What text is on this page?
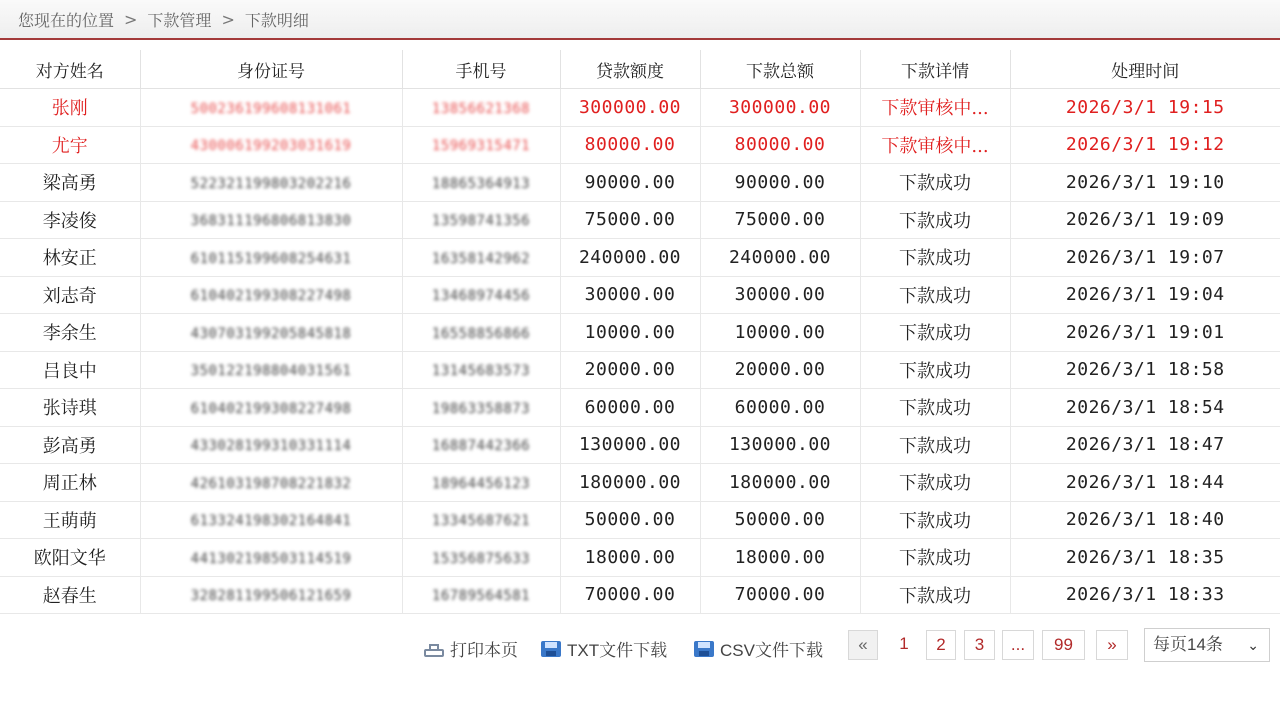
您现在的位置 > 下款管理 > 下款明细
对方姓名	身份证号	手机号	贷款额度	下款总额	下款详情	处理时间
张刚	500236199608131061	13856621368	300000.00	300000.00	下款审核中...	2026/3/1 19:15
尤宇	430006199203031619	15969315471	80000.00	80000.00	下款审核中...	2026/3/1 19:12
梁高勇	522321199803202216	18865364913	90000.00	90000.00	下款成功	2026/3/1 19:10
李凌俊	368311196806813830	13598741356	75000.00	75000.00	下款成功	2026/3/1 19:09
林安正	610115199608254631	16358142962	240000.00	240000.00	下款成功	2026/3/1 19:07
刘志奇	610402199308227498	13468974456	30000.00	30000.00	下款成功	2026/3/1 19:04
李余生	430703199205845818	16558856866	10000.00	10000.00	下款成功	2026/3/1 19:01
吕良中	350122198804031561	13145683573	20000.00	20000.00	下款成功	2026/3/1 18:58
张诗琪	610402199308227498	19863358873	60000.00	60000.00	下款成功	2026/3/1 18:54
彭高勇	433028199310331114	16887442366	130000.00	130000.00	下款成功	2026/3/1 18:47
周正林	426103198708221832	18964456123	180000.00	180000.00	下款成功	2026/3/1 18:44
王萌萌	613324198302164841	13345687621	50000.00	50000.00	下款成功	2026/3/1 18:40
欧阳文华	441302198503114519	15356875633	18000.00	18000.00	下款成功	2026/3/1 18:35
赵春生	328281199506121659	16789564581	70000.00	70000.00	下款成功	2026/3/1 18:33
打印本页	TXT文件下载	CSV文件下载	«	1	2	3	...	99	»	每页14条 ⌄
